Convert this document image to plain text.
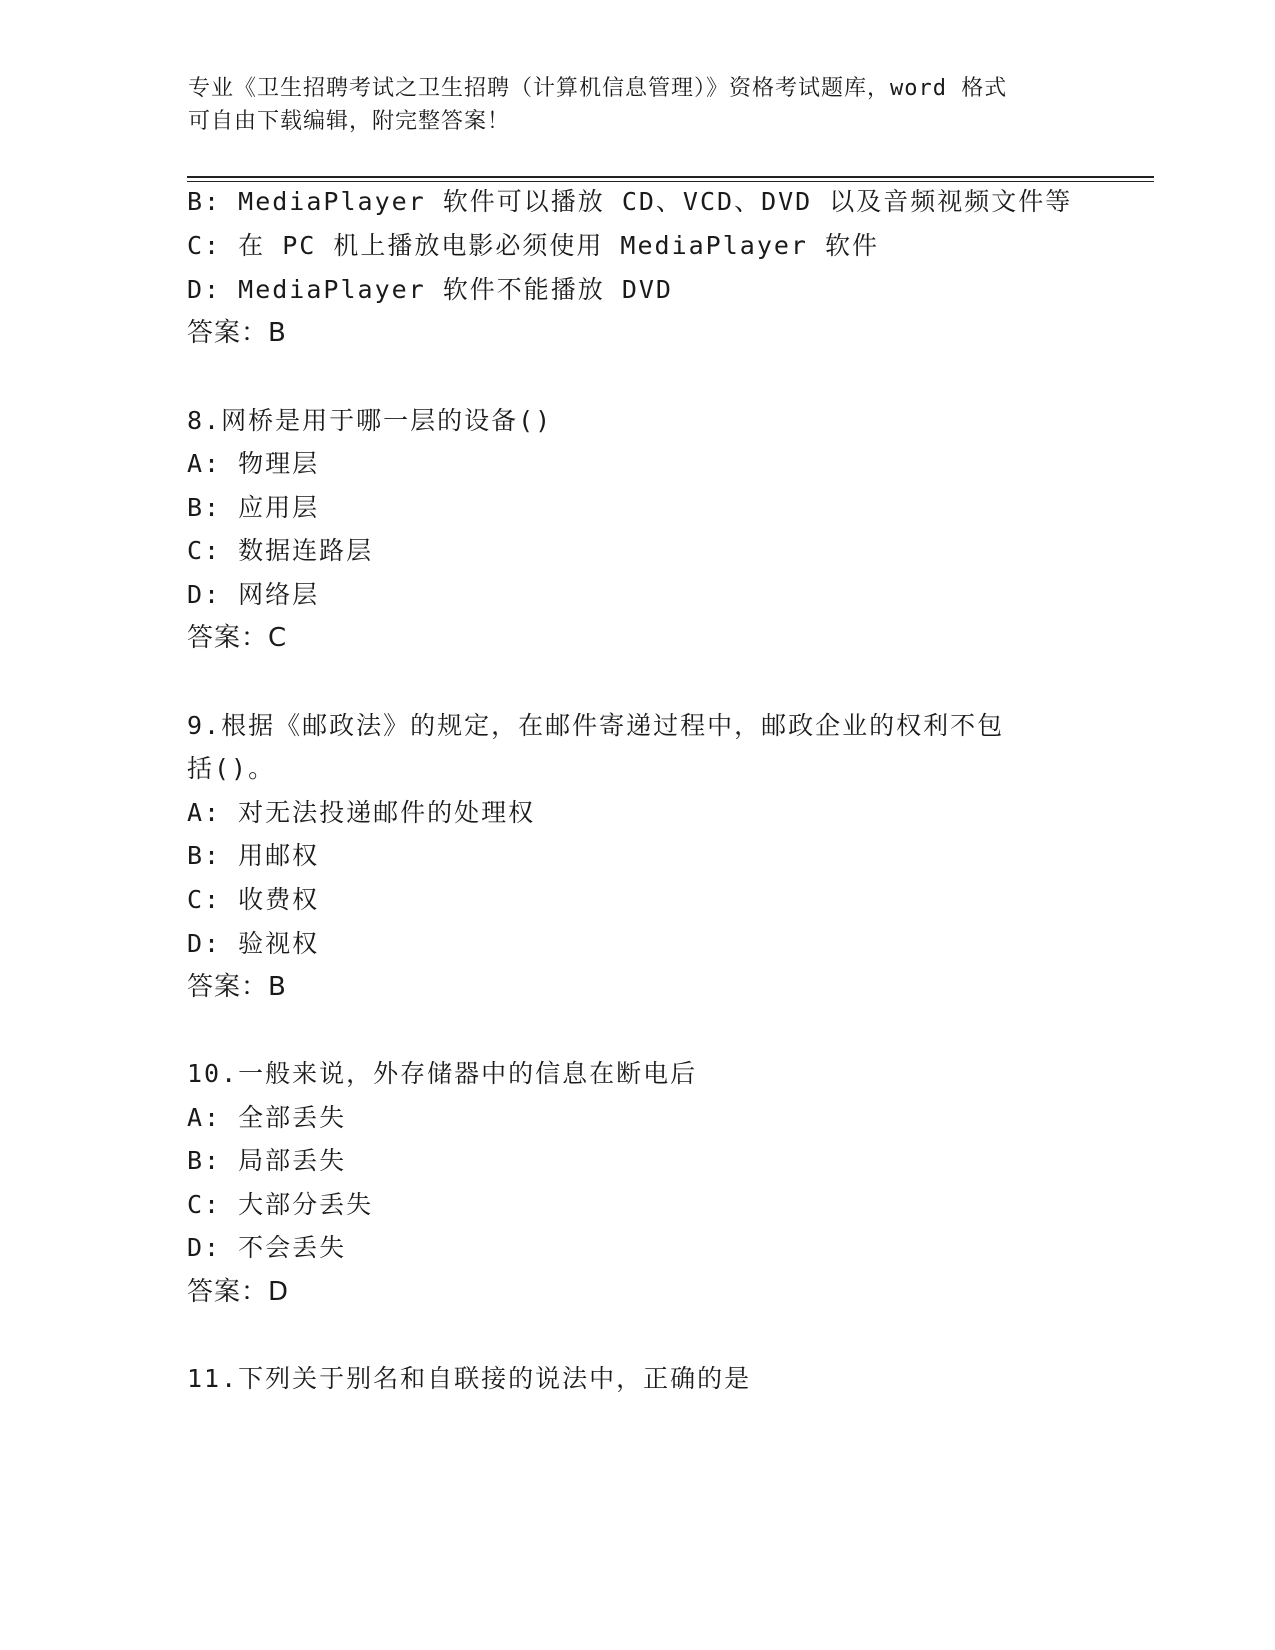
专业《卫生招聘考试之卫生招聘（计算机信息管理）》资格考试题库，word 格式
可自由下载编辑，附完整答案！
B: MediaPlayer 软件可以播放 CD、VCD、DVD 以及音频视频文件等
C: 在 PC 机上播放电影必须使用 MediaPlayer 软件
D: MediaPlayer 软件不能播放 DVD
答案：B
8.网桥是用于哪一层的设备()
A: 物理层
B: 应用层
C: 数据连路层
D: 网络层
答案：C
9.根据《邮政法》的规定，在邮件寄递过程中，邮政企业的权利不包
括()。
A: 对无法投递邮件的处理权
B: 用邮权
C: 收费权
D: 验视权
答案：B
10.一般来说，外存储器中的信息在断电后
A: 全部丢失
B: 局部丢失
C: 大部分丢失
D: 不会丢失
答案：D
11.下列关于别名和自联接的说法中，正确的是
